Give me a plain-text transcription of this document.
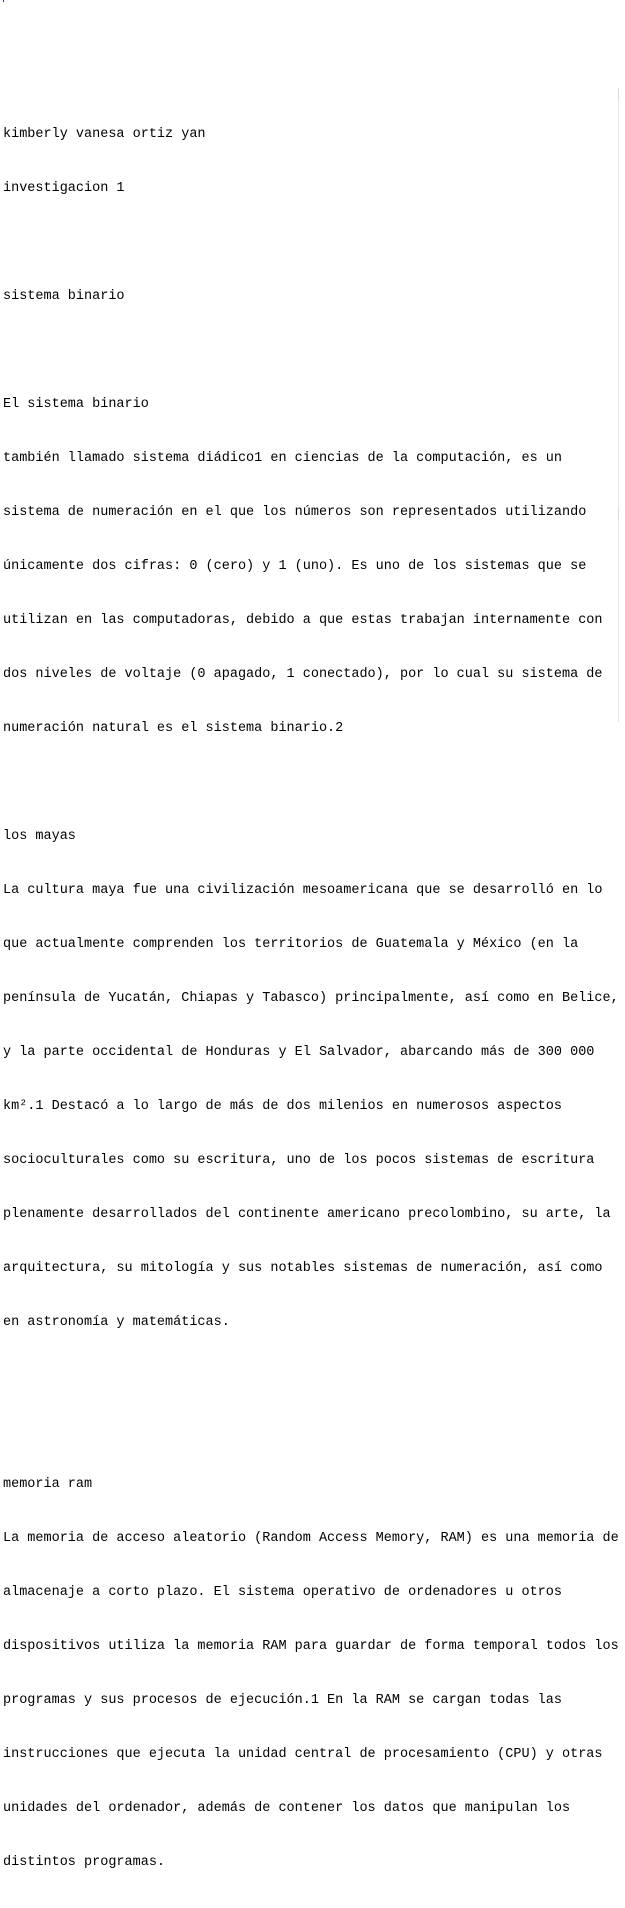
kimberly vanesa ortiz yan

investigacion 1

sistema binario

El sistema binario

también llamado sistema diádico1 en ciencias de la computación, es un

sistema de numeración en el que los números son representados utilizando

únicamente dos cifras: 0 (cero) y 1 (uno). Es uno de los sistemas que se

utilizan en las computadoras, debido a que estas trabajan internamente con

dos niveles de voltaje (0 apagado, 1 conectado), por lo cual su sistema de

numeración natural es el sistema binario.2

los mayas

La cultura maya fue una civilización mesoamericana que se desarrolló en lo

que actualmente comprenden los territorios de Guatemala y México (en la

península de Yucatán, Chiapas y Tabasco) principalmente, así como en Belice,

y la parte occidental de Honduras y El Salvador, abarcando más de 300 000

km².1 Destacó a lo largo de más de dos milenios en numerosos aspectos

socioculturales como su escritura, uno de los pocos sistemas de escritura

plenamente desarrollados del continente americano precolombino, su arte, la

arquitectura, su mitología y sus notables sistemas de numeración, así como

en astronomía y matemáticas.

memoria ram

La memoria de acceso aleatorio (Random Access Memory, RAM) es una memoria de

almacenaje a corto plazo. El sistema operativo de ordenadores u otros

dispositivos utiliza la memoria RAM para guardar de forma temporal todos los

programas y sus procesos de ejecución.1 En la RAM se cargan todas las

instrucciones que ejecuta la unidad central de procesamiento (CPU) y otras

unidades del ordenador, además de contener los datos que manipulan los

distintos programas.
